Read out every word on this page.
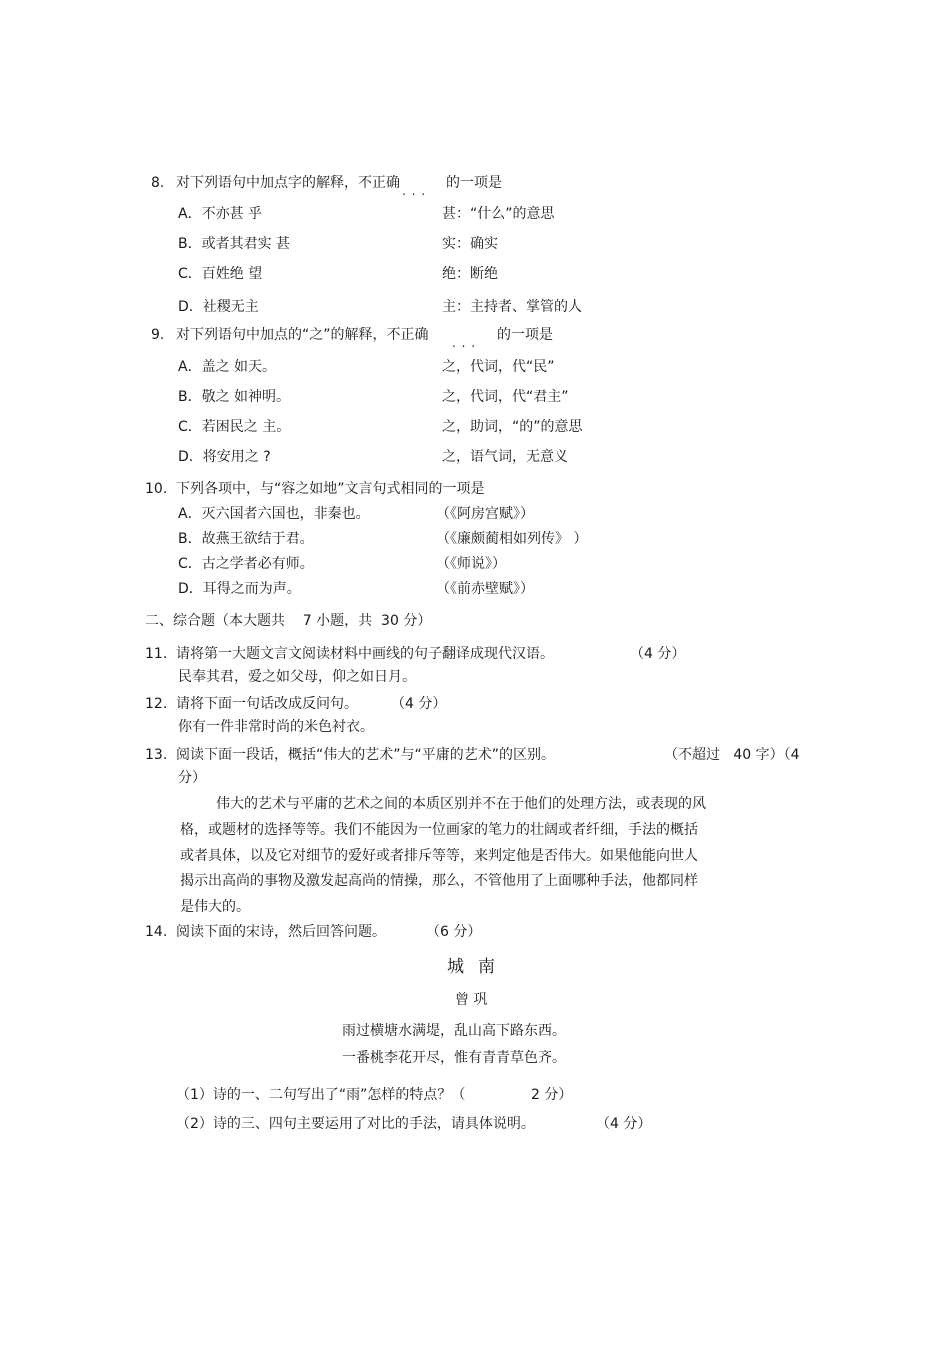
8. 对下列语句中加点字的解释，不正确 . . . 的一项是
A．不亦甚 乎	甚：“什么”的意思
B．或者其君实 甚	实：确实
C．百姓绝 望	绝：断绝
D．社稷无主	主：主持者、掌管的人
9. 对下列语句中加点的“之”的解释，不正确 . . . 的一项是
A．盖之 如天。	之，代词，代“民”
B．敬之 如神明。	之，代词，代“君主”
C．若困民之 主。	之，助词，“的”的意思
D．将安用之 ?	之，语气词，无意义
10. 下列各项中，与“容之如地”文言句式相同的一项是
A．灭六国者六国也，非秦也。	（《阿房宫赋》）
B．故燕王欲结于君。	（《廉颇蔺相如列传》 ）
C．古之学者必有师。	（《师说》）
D．耳得之而为声。	（《前赤壁赋》）
二、综合题（本大题共    7 小题，共  30 分）
11. 请将第一大题文言文阅读材料中画线的句子翻译成现代汉语。	（4 分）
民奉其君，爱之如父母，仰之如日月。
12. 请将下面一句话改成反问句。 （4 分）
你有一件非常时尚的米色衬衣。
13. 阅读下面一段话，概括“伟大的艺术”与“平庸的艺术”的区别。	（不超过   40 字）（4
分）
伟大的艺术与平庸的艺术之间的本质区别并不在于他们的处理方法，或表现的风
格，或题材的选择等等。我们不能因为一位画家的笔力的壮阔或者纤细，手法的概括
或者具体，以及它对细节的爱好或者排斥等等，来判定他是否伟大。如果他能向世人
揭示出高尚的事物及激发起高尚的情操，那么，不管他用了上面哪种手法，他都同样
是伟大的。
14. 阅读下面的宋诗，然后回答问题。	（6 分）
城南
曾 巩
雨过横塘水满堤，乱山高下路东西。
一番桃李花开尽，惟有青青草色齐。
（1）诗的一、二句写出了“雨”怎样的特点？（	2 分）
（2）诗的三、四句主要运用了对比的手法，请具体说明。	（4 分）
